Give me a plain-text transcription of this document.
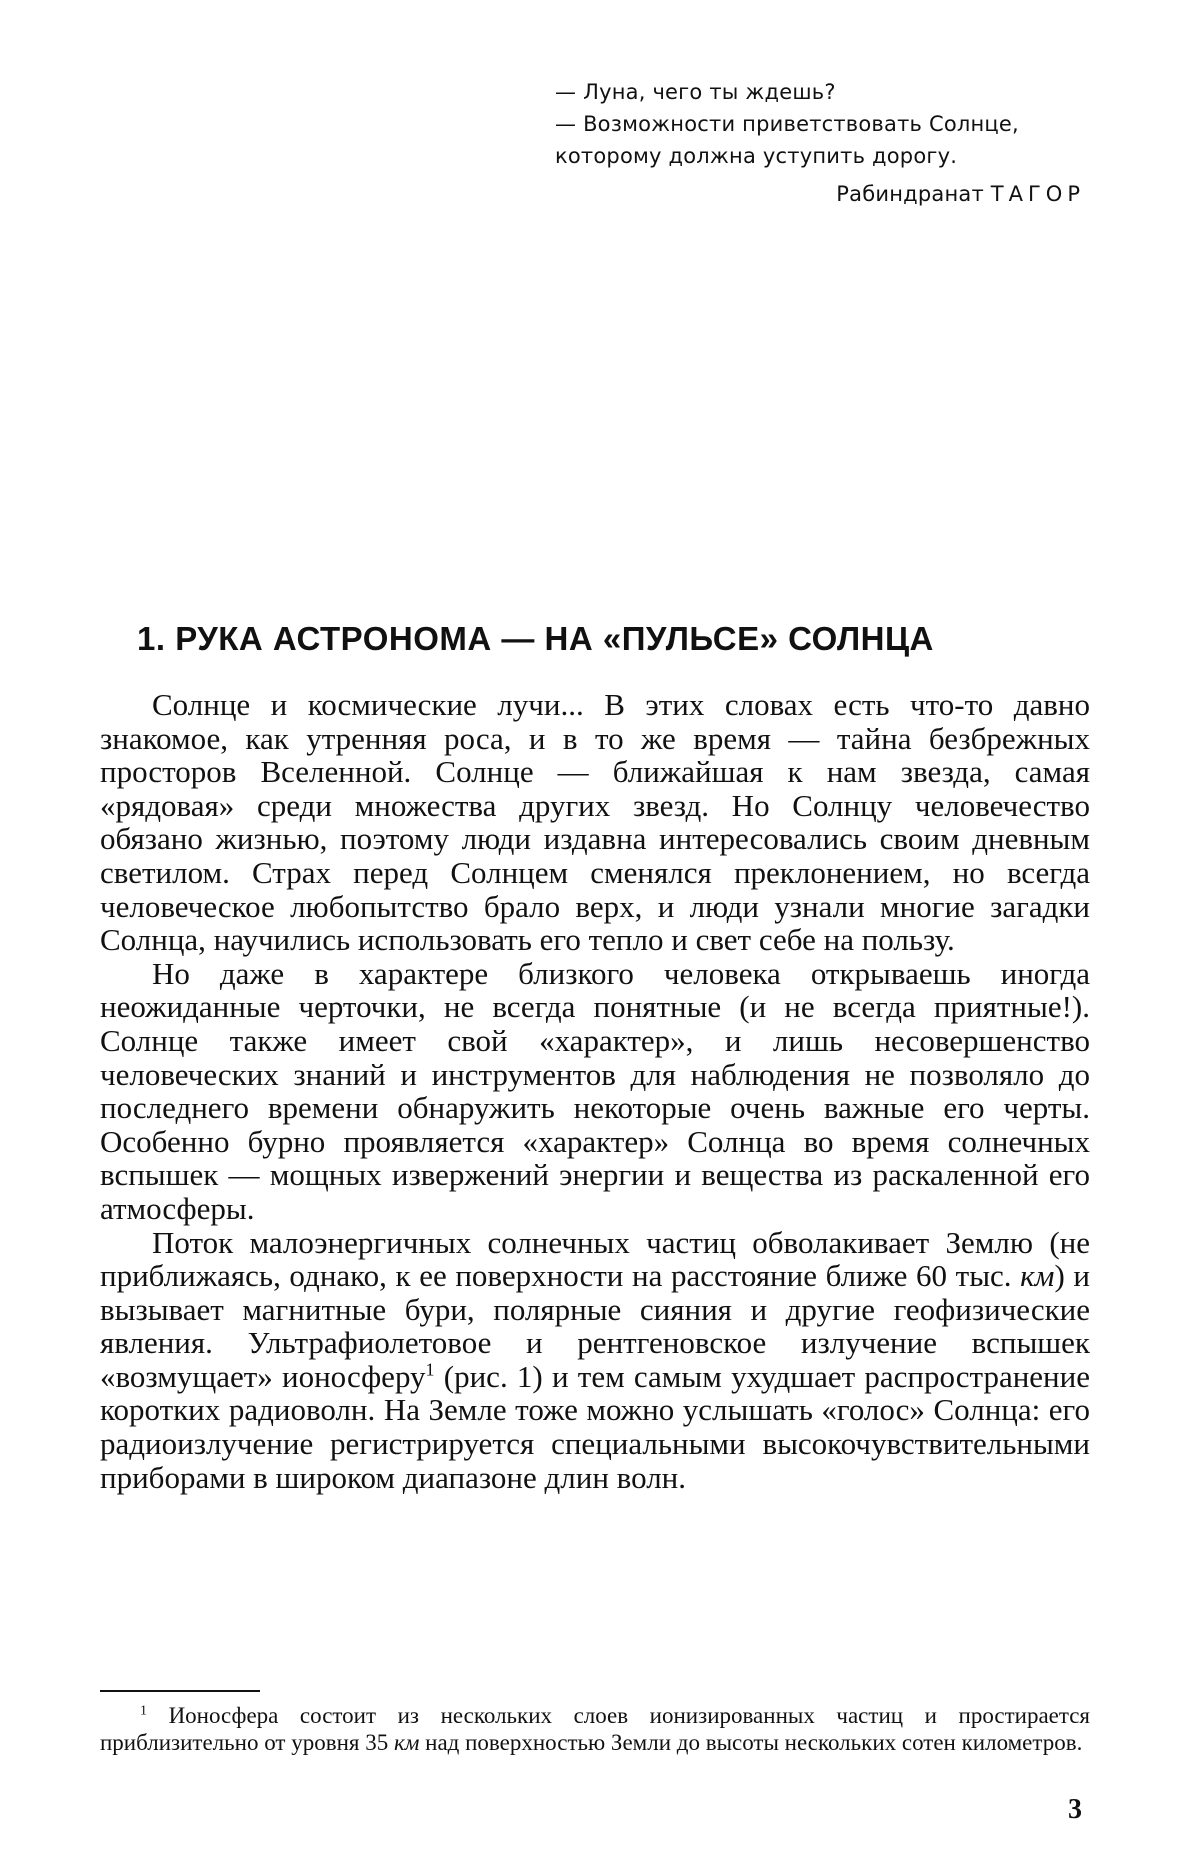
— Луна, чего ты ждешь?

— Возможности приветствовать Солнце,

которому должна уступить дорогу.

Рабиндранат ТАГОР

1. РУКА АСТРОНОМА — НА «ПУЛЬСЕ» СОЛНЦА

Солнце и космические лучи... В этих словах есть что-то давно знакомое, как утренняя роса, и в то же время — тайна безбрежных просторов Вселенной. Солнце — ближайшая к нам звезда, самая «рядовая» среди множества других звезд. Но Солнцу человечество обязано жизнью, поэтому люди издавна интересовались своим дневным светилом. Страх перед Солнцем сменялся преклонением, но всегда человеческое любопытство брало верх, и люди узнали многие загадки Солнца, научились использовать его тепло и свет себе на пользу.

Но даже в характере близкого человека открываешь иногда неожиданные черточки, не всегда понятные (и не всегда приятные!). Солнце также имеет свой «характер», и лишь несовершенство человеческих знаний и инструментов для наблюдения не позволяло до последнего времени обнаружить некоторые очень важные его черты. Особенно бурно проявляется «характер» Солнца во время солнечных вспышек — мощных извержений энергии и вещества из раскаленной его атмосферы.

Поток малоэнергичных солнечных частиц обволакивает Землю (не приближаясь, однако, к ее поверхности на расстояние ближе 60 тыс. км) и вызывает магнитные бури, полярные сияния и другие геофизические явления. Ультрафиолетовое и рентгеновское излучение вспышек «возмущает» ионосферу$^1$ (рис. 1) и тем самым ухудшает распространение коротких радиоволн. На Земле тоже можно услышать «голос» Солнца: его радиоизлучение регистрируется специальными высокочувствительными приборами в широком диапазоне длин волн.

$^1$ Ионосфера состоит из нескольких слоев ионизированных частиц и простирается приблизительно от уровня 35 км над поверхностью Земли до высоты нескольких сотен километров.

3
